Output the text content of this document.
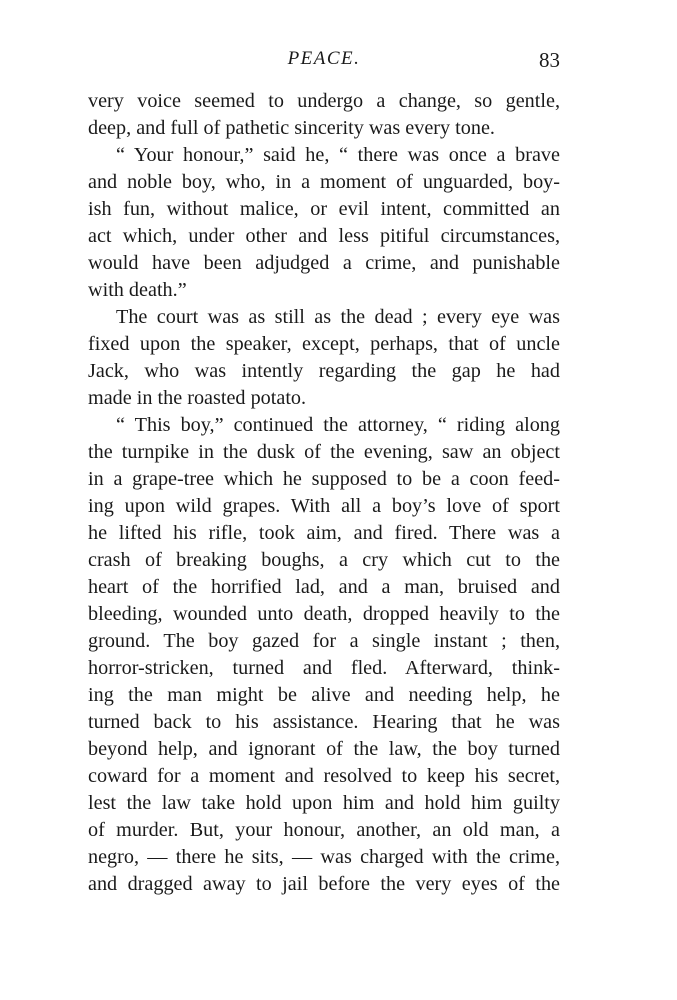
PEACE.	83
very voice seemed to undergo a change, so gentle,
deep, and full of pathetic sincerity was every tone.
“ Your honour,” said he, “ there was once a brave
and noble boy, who, in a moment of unguarded, boy-
ish fun, without malice, or evil intent, committed an
act which, under other and less pitiful circumstances,
would have been adjudged a crime, and punishable
with death.”
The court was as still as the dead ; every eye was
fixed upon the speaker, except, perhaps, that of uncle
Jack, who was intently regarding the gap he had
made in the roasted potato.
“ This boy,” continued the attorney, “ riding along
the turnpike in the dusk of the evening, saw an object
in a grape-tree which he supposed to be a coon feed-
ing upon wild grapes. With all a boy’s love of sport
he lifted his rifle, took aim, and fired. There was a
crash of breaking boughs, a cry which cut to the
heart of the horrified lad, and a man, bruised and
bleeding, wounded unto death, dropped heavily to the
ground. The boy gazed for a single instant ; then,
horror-stricken, turned and fled. Afterward, think-
ing the man might be alive and needing help, he
turned back to his assistance. Hearing that he was
beyond help, and ignorant of the law, the boy turned
coward for a moment and resolved to keep his secret,
lest the law take hold upon him and hold him guilty
of murder. But, your honour, another, an old man, a
negro, — there he sits, — was charged with the crime,
and dragged away to jail before the very eyes of the
